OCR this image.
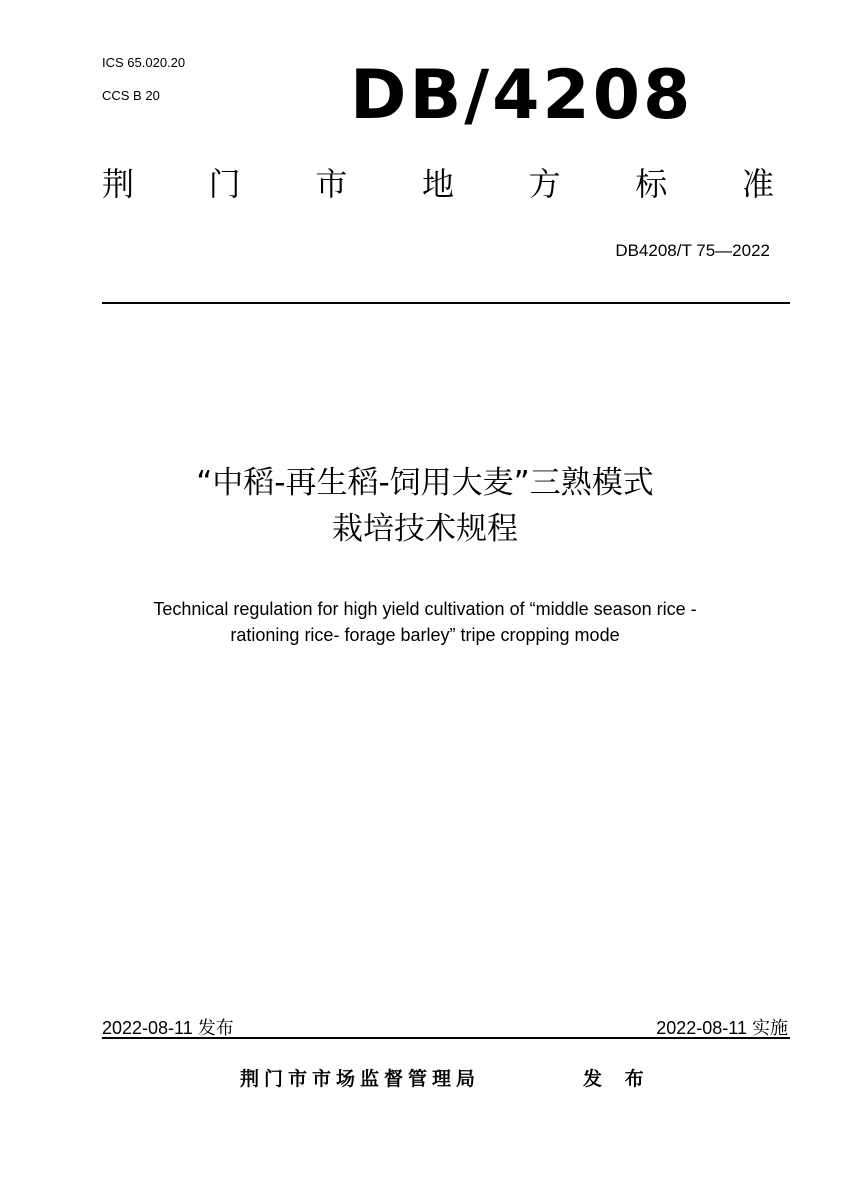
ICS 65.020.20
CCS B 20	DB/4208
荆 门 市 地 方 标 准
DB4208/T 75—2022
“中稻-再生稻-饲用大麦”三熟模式
栽培技术规程
Technical regulation for high yield cultivation of “middle season rice -
rationing rice- forage barley” tripe cropping mode
2022-08-11 发布	2022-08-11 实施
荆门市市场监督管理局	发 布
